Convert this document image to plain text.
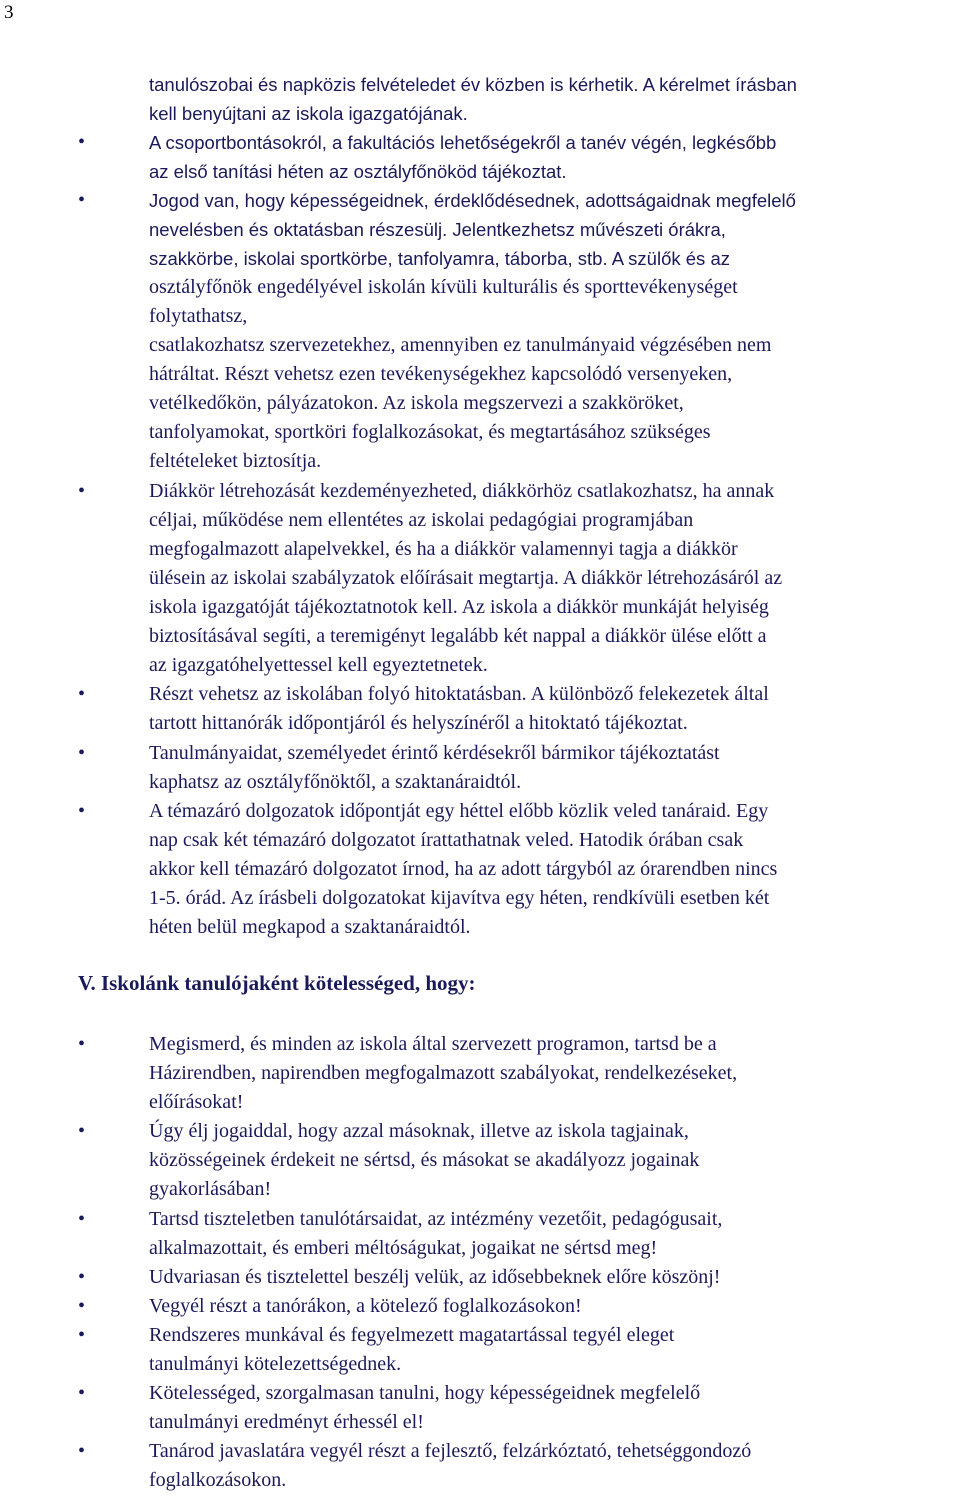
3
tanulószobai és napközis felvételedet év közben is kérhetik. A kérelmet írásban
kell benyújtani az iskola igazgatójának.
•	A csoportbontásokról, a fakultációs lehetőségekről a tanév végén, legkésőbb
az első tanítási héten az osztályfőnököd tájékoztat.
•	Jogod van, hogy képességeidnek, érdeklődésednek, adottságaidnak megfelelő
nevelésben és oktatásban részesülj. Jelentkezhetsz művészeti órákra,
szakkörbe, iskolai sportkörbe, tanfolyamra, táborba, stb. A szülők és az
osztályfőnök engedélyével iskolán kívüli kulturális és sporttevékenységet
folytathatsz,
csatlakozhatsz szervezetekhez, amennyiben ez tanulmányaid végzésében nem
hátráltat. Részt vehetsz ezen tevékenységekhez kapcsolódó versenyeken,
vetélkedőkön, pályázatokon. Az iskola megszervezi a szakköröket,
tanfolyamokat, sportköri foglalkozásokat, és megtartásához szükséges
feltételeket biztosítja.
•	Diákkör létrehozását kezdeményezheted, diákkörhöz csatlakozhatsz, ha annak
céljai, működése nem ellentétes az iskolai pedagógiai programjában
megfogalmazott alapelvekkel, és ha a diákkör valamennyi tagja a diákkör
ülésein az iskolai szabályzatok előírásait megtartja. A diákkör létrehozásáról az
iskola igazgatóját tájékoztatnotok kell. Az iskola a diákkör munkáját helyiség
biztosításával segíti, a teremigényt legalább két nappal a diákkör ülése előtt a
az igazgatóhelyettessel kell egyeztetnetek.
•	Részt vehetsz az iskolában folyó hitoktatásban. A különböző felekezetek által
tartott hittanórák időpontjáról és helyszínéről a hitoktató tájékoztat.
•	Tanulmányaidat, személyedet érintő kérdésekről bármikor tájékoztatást
kaphatsz az osztályfőnöktől, a szaktanáraidtól.
•	A témazáró dolgozatok időpontját egy héttel előbb közlik veled tanáraid. Egy
nap csak két témazáró dolgozatot írattathatnak veled. Hatodik órában csak
akkor kell témazáró dolgozatot írnod, ha az adott tárgyból az órarendben nincs
1-5. órád. Az írásbeli dolgozatokat kijavítva egy héten, rendkívüli esetben két
héten belül megkapod a szaktanáraidtól.
V. Iskolánk tanulójaként kötelességed, hogy:
•	Megismerd, és minden az iskola által szervezett programon, tartsd be a
Házirendben, napirendben megfogalmazott szabályokat, rendelkezéseket,
előírásokat!
•	Úgy élj jogaiddal, hogy azzal másoknak, illetve az iskola tagjainak,
közösségeinek érdekeit ne sértsd, és másokat se akadályozz jogainak
gyakorlásában!
•	Tartsd tiszteletben tanulótársaidat, az intézmény vezetőit, pedagógusait,
alkalmazottait, és emberi méltóságukat, jogaikat ne sértsd meg!
•	Udvariasan és tisztelettel beszélj velük, az idősebbeknek előre köszönj!
•	Vegyél részt a tanórákon, a kötelező foglalkozásokon!
•	Rendszeres munkával és fegyelmezett magatartással tegyél eleget
tanulmányi kötelezettségednek.
•	Kötelességed, szorgalmasan tanulni, hogy képességeidnek megfelelő
tanulmányi eredményt érhessél el!
•	Tanárod javaslatára vegyél részt a fejlesztő, felzárkóztató, tehetséggondozó
foglalkozásokon.
